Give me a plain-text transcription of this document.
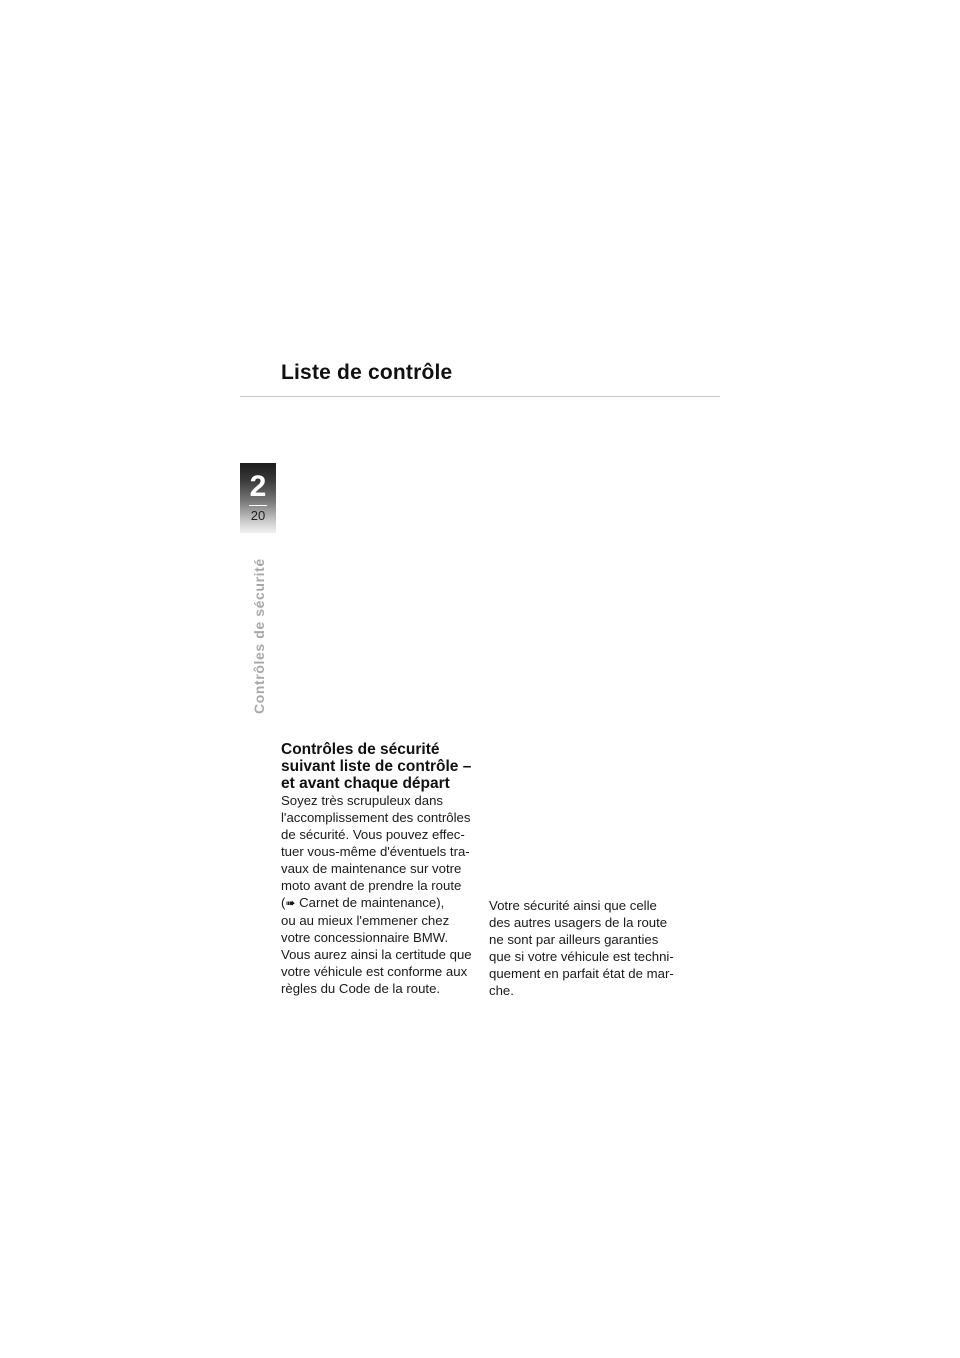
Liste de contrôle
2
20
Contrôles de sécurité
Contrôles de sécurité
suivant liste de contrôle –
et avant chaque départ

Soyez très scrupuleux dans
l'accomplissement des contrôles
de sécurité. Vous pouvez effec-
tuer vous-même d'éventuels tra-
vaux de maintenance sur votre
moto avant de prendre la route
(➠ Carnet de maintenance),
ou au mieux l'emmener chez
votre concessionnaire BMW.
Vous aurez ainsi la certitude que
votre véhicule est conforme aux
règles du Code de la route.

Votre sécurité ainsi que celle
des autres usagers de la route
ne sont par ailleurs garanties
que si votre véhicule est techni-
quement en parfait état de mar-
che.
